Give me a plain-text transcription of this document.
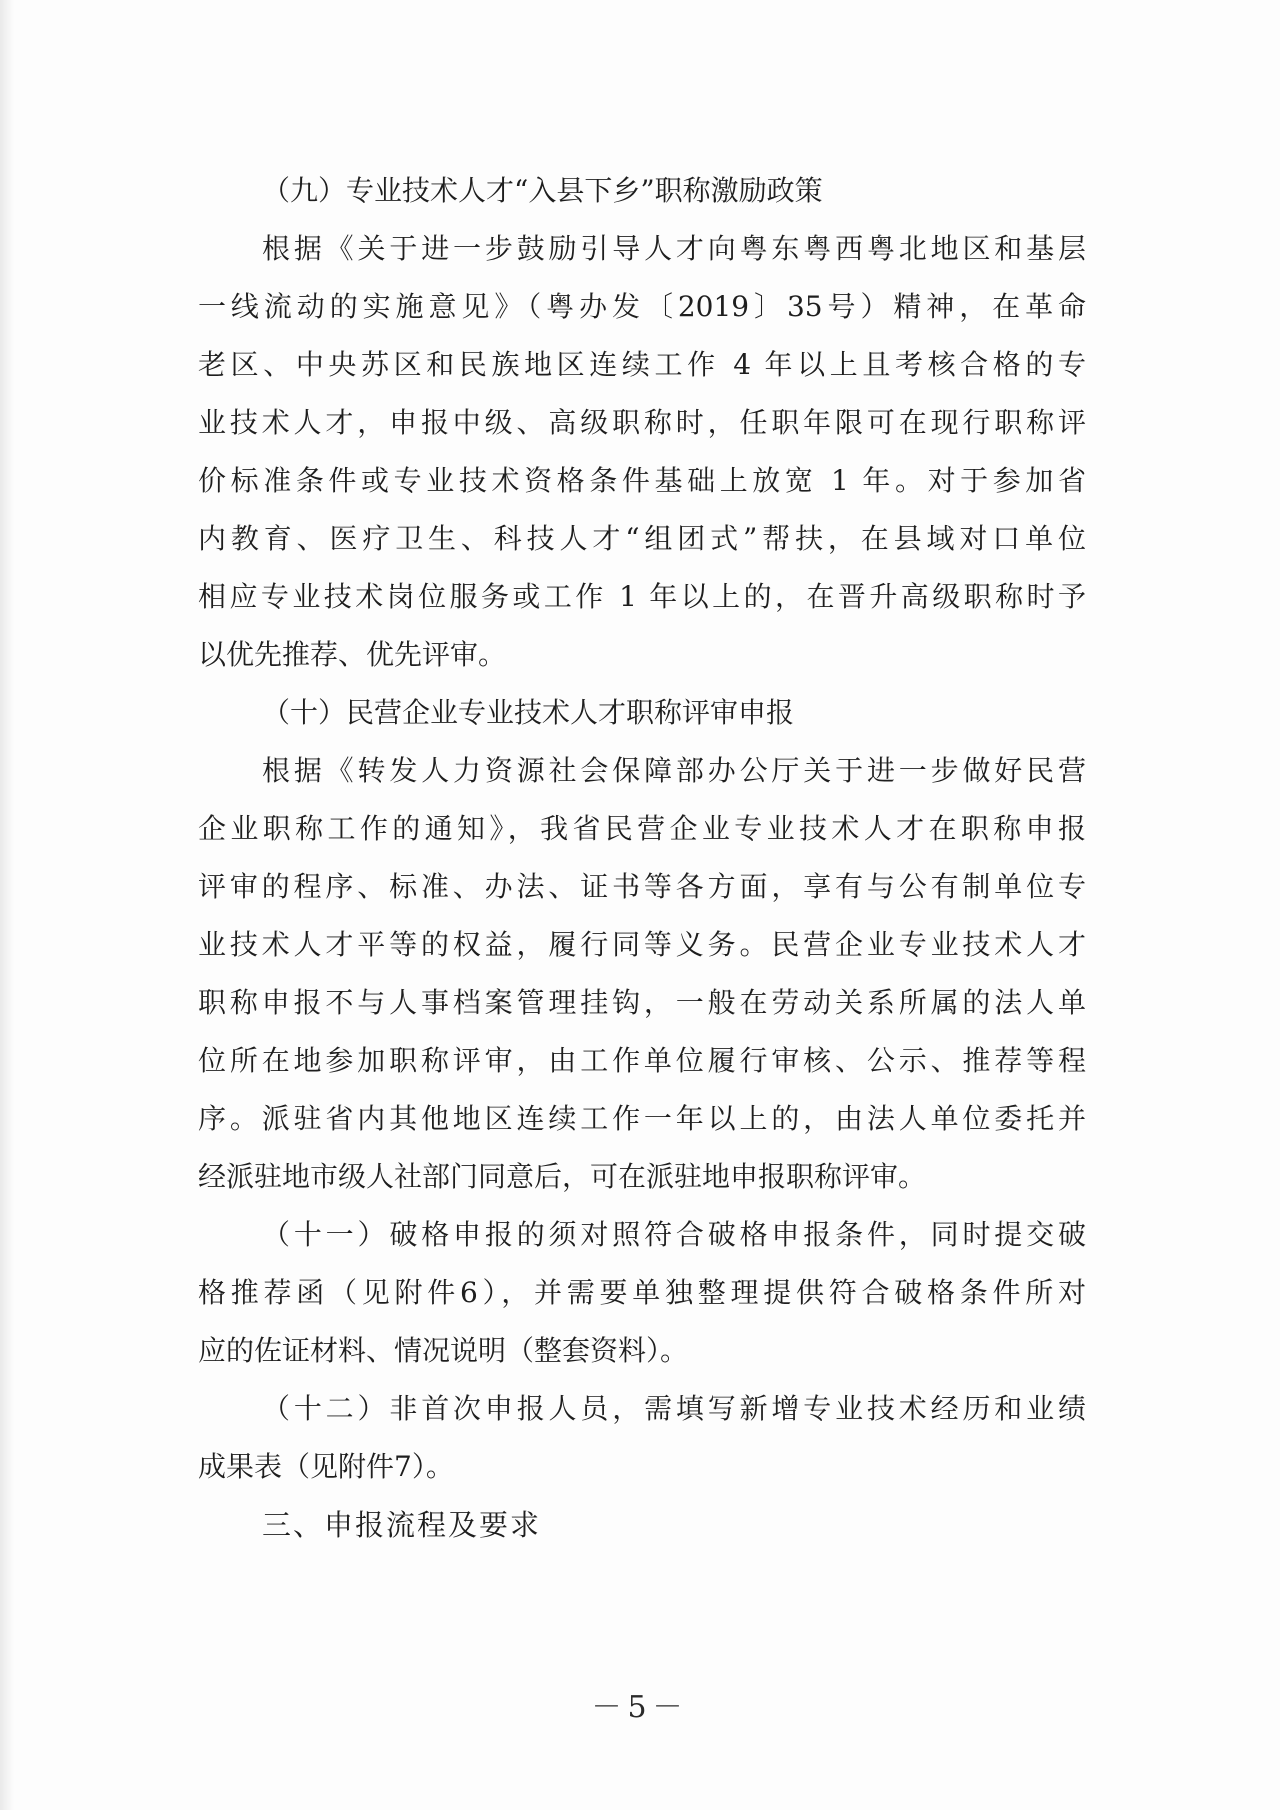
（九）专业技术人才“入县下乡”职称激励政策
根据《关于进一步鼓励引导人才向粤东粤西粤北地区和基层
一线流动的实施意见》（粤办发〔2019〕35号）精神，在革命
老区、中央苏区和民族地区连续工作 4 年以上且考核合格的专
业技术人才，申报中级、高级职称时，任职年限可在现行职称评
价标准条件或专业技术资格条件基础上放宽 1 年。对于参加省
内教育、医疗卫生、科技人才“组团式”帮扶，在县域对口单位
相应专业技术岗位服务或工作 1 年以上的，在晋升高级职称时予
以优先推荐、优先评审。
（十）民营企业专业技术人才职称评审申报
根据《转发人力资源社会保障部办公厅关于进一步做好民营
企业职称工作的通知》，我省民营企业专业技术人才在职称申报
评审的程序、标准、办法、证书等各方面，享有与公有制单位专
业技术人才平等的权益，履行同等义务。民营企业专业技术人才
职称申报不与人事档案管理挂钩，一般在劳动关系所属的法人单
位所在地参加职称评审，由工作单位履行审核、公示、推荐等程
序。派驻省内其他地区连续工作一年以上的，由法人单位委托并
经派驻地市级人社部门同意后，可在派驻地申报职称评审。
（十一）破格申报的须对照符合破格申报条件，同时提交破
格推荐函（见附件6），并需要单独整理提供符合破格条件所对
应的佐证材料、情况说明（整套资料）。
（十二）非首次申报人员，需填写新增专业技术经历和业绩
成果表（见附件7）。
三、申报流程及要求
－5－
